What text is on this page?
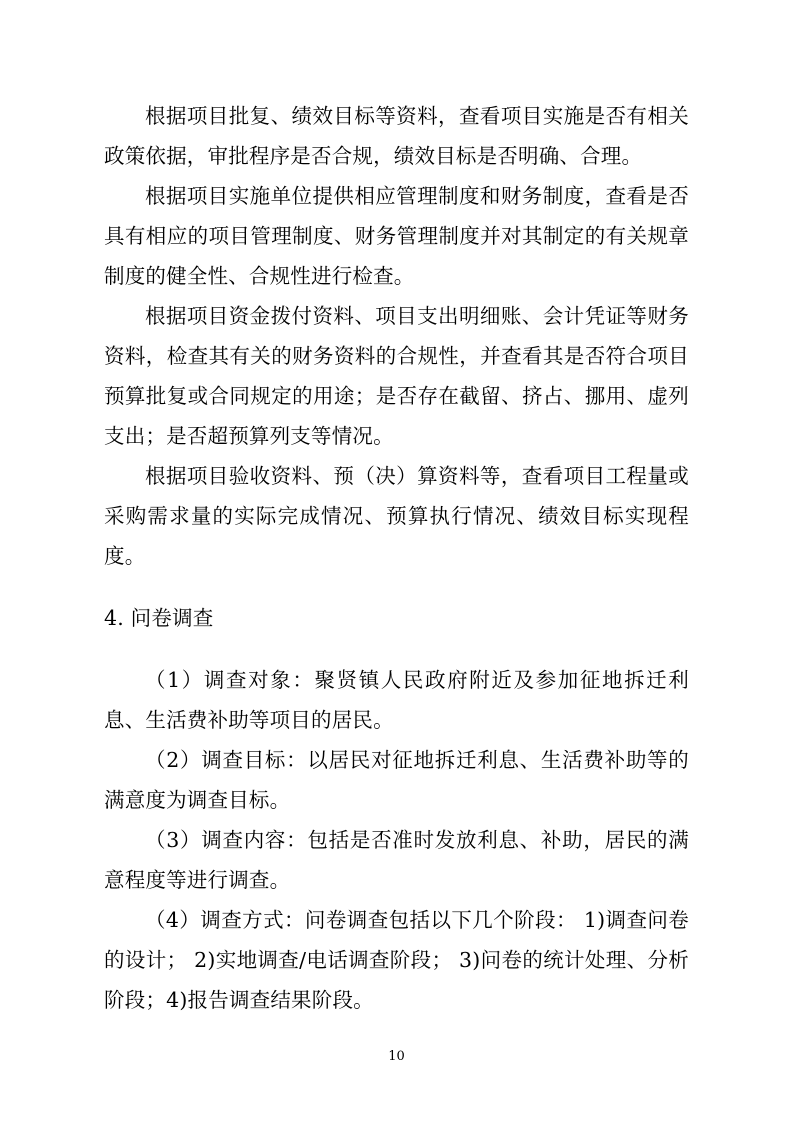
根据项目批复、绩效目标等资料，查看项目实施是否有相关政策依据，审批程序是否合规，绩效目标是否明确、合理。

根据项目实施单位提供相应管理制度和财务制度，查看是否具有相应的项目管理制度、财务管理制度并对其制定的有关规章制度的健全性、合规性进行检查。

根据项目资金拨付资料、项目支出明细账、会计凭证等财务资料，检查其有关的财务资料的合规性，并查看其是否符合项目预算批复或合同规定的用途；是否存在截留、挤占、挪用、虚列支出；是否超预算列支等情况。

根据项目验收资料、预（决）算资料等，查看项目工程量或采购需求量的实际完成情况、预算执行情况、绩效目标实现程度。

4. 问卷调查

（1）调查对象：聚贤镇人民政府附近及参加征地拆迁利息、生活费补助等项目的居民。

（2）调查目标：以居民对征地拆迁利息、生活费补助等的满意度为调查目标。

（3）调查内容：包括是否准时发放利息、补助，居民的满意程度等进行调查。

（4）调查方式：问卷调查包括以下几个阶段： 1)调查问卷的设计； 2)实地调查/电话调查阶段； 3)问卷的统计处理、分析阶段；4)报告调查结果阶段。

10
